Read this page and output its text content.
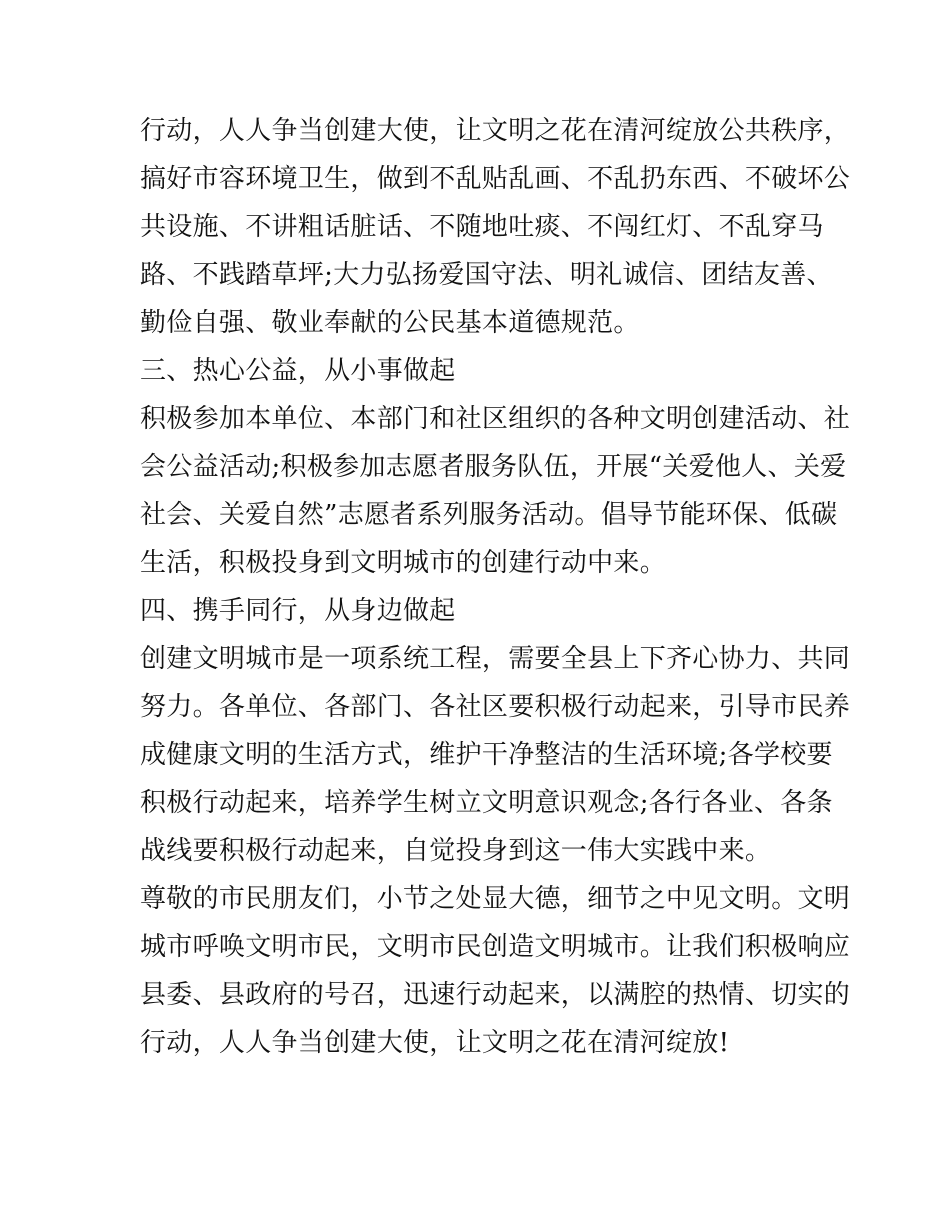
行动，人人争当创建大使，让文明之花在清河绽放公共秩序，
搞好市容环境卫生，做到不乱贴乱画、不乱扔东西、不破坏公
共设施、不讲粗话脏话、不随地吐痰、不闯红灯、不乱穿马
路、不践踏草坪;大力弘扬爱国守法、明礼诚信、团结友善、
勤俭自强、敬业奉献的公民基本道德规范。
三、热心公益，从小事做起
积极参加本单位、本部门和社区组织的各种文明创建活动、社
会公益活动;积极参加志愿者服务队伍，开展“关爱他人、关爱
社会、关爱自然”志愿者系列服务活动。倡导节能环保、低碳
生活，积极投身到文明城市的创建行动中来。
四、携手同行，从身边做起
创建文明城市是一项系统工程，需要全县上下齐心协力、共同
努力。各单位、各部门、各社区要积极行动起来，引导市民养
成健康文明的生活方式，维护干净整洁的生活环境;各学校要
积极行动起来，培养学生树立文明意识观念;各行各业、各条
战线要积极行动起来，自觉投身到这一伟大实践中来。
尊敬的市民朋友们，小节之处显大德，细节之中见文明。文明
城市呼唤文明市民，文明市民创造文明城市。让我们积极响应
县委、县政府的号召，迅速行动起来，以满腔的热情、切实的
行动，人人争当创建大使，让文明之花在清河绽放!
